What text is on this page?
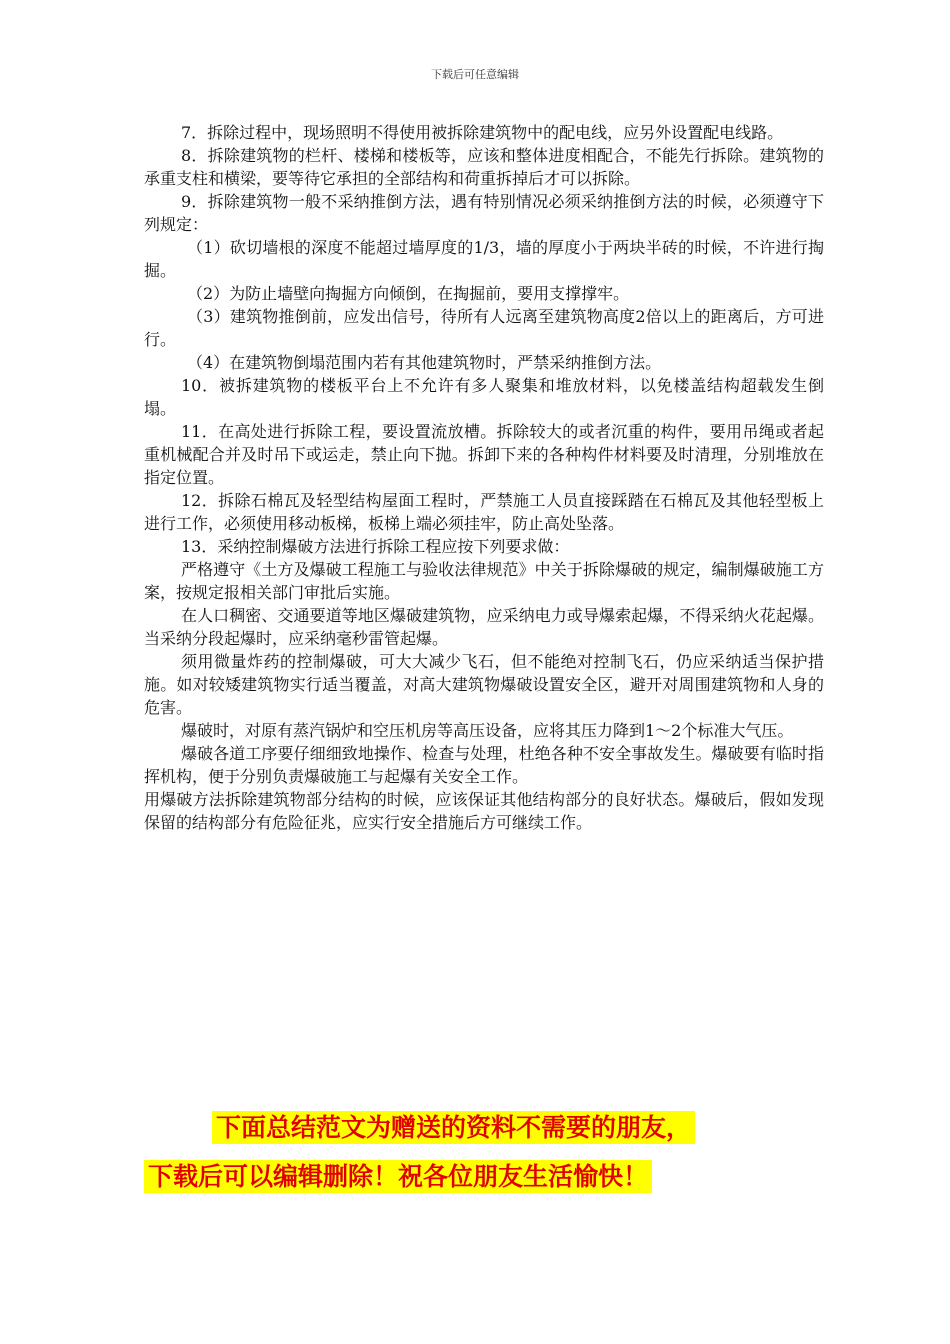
下载后可任意编辑

7．拆除过程中，现场照明不得使用被拆除建筑物中的配电线，应另外设置配电线路。

8．拆除建筑物的栏杆、楼梯和楼板等，应该和整体进度相配合，不能先行拆除。建筑物的承重支柱和横梁，要等待它承担的全部结构和荷重拆掉后才可以拆除。

9．拆除建筑物一般不采纳推倒方法，遇有特别情况必须采纳推倒方法的时候，必须遵守下列规定：

（1）砍切墙根的深度不能超过墙厚度的1/3，墙的厚度小于两块半砖的时候，不许进行掏掘。

（2）为防止墙壁向掏掘方向倾倒，在掏掘前，要用支撑撑牢。

（3）建筑物推倒前，应发出信号，待所有人远离至建筑物高度2倍以上的距离后，方可进行。

（4）在建筑物倒塌范围内若有其他建筑物时，严禁采纳推倒方法。

10．被拆建筑物的楼板平台上不允许有多人聚集和堆放材料，以免楼盖结构超载发生倒塌。

11．在高处进行拆除工程，要设置流放槽。拆除较大的或者沉重的构件，要用吊绳或者起重机械配合并及时吊下或运走，禁止向下抛。拆卸下来的各种构件材料要及时清理，分别堆放在指定位置。

12．拆除石棉瓦及轻型结构屋面工程时，严禁施工人员直接踩踏在石棉瓦及其他轻型板上进行工作，必须使用移动板梯，板梯上端必须挂牢，防止高处坠落。

13．采纳控制爆破方法进行拆除工程应按下列要求做：

严格遵守《土方及爆破工程施工与验收法律规范》中关于拆除爆破的规定，编制爆破施工方案，按规定报相关部门审批后实施。

在人口稠密、交通要道等地区爆破建筑物，应采纳电力或导爆索起爆，不得采纳火花起爆。当采纳分段起爆时，应采纳毫秒雷管起爆。

须用微量炸药的控制爆破，可大大减少飞石，但不能绝对控制飞石，仍应采纳适当保护措施。如对较矮建筑物实行适当覆盖，对高大建筑物爆破设置安全区，避开对周围建筑物和人身的危害。

爆破时，对原有蒸汽锅炉和空压机房等高压设备，应将其压力降到1～2个标准大气压。

爆破各道工序要仔细细致地操作、检查与处理，杜绝各种不安全事故发生。爆破要有临时指挥机构，便于分别负责爆破施工与起爆有关安全工作。

用爆破方法拆除建筑物部分结构的时候，应该保证其他结构部分的良好状态。爆破后，假如发现保留的结构部分有危险征兆，应实行安全措施后方可继续工作。

下面总结范文为赠送的资料不需要的朋友，
下载后可以编辑删除！祝各位朋友生活愉快！
